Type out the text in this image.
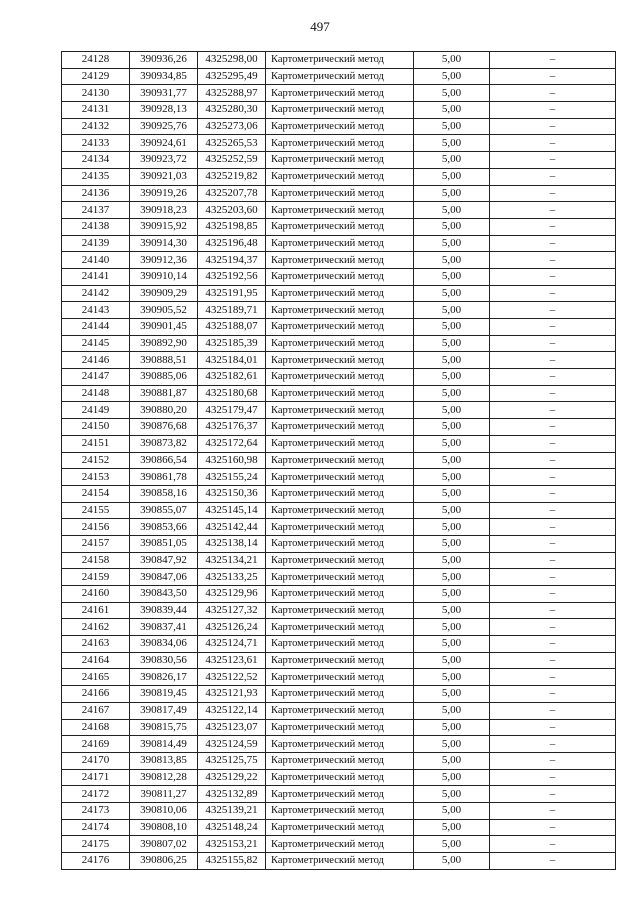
497
24128	390936,26	4325298,00	Картометрический метод	5,00	–
24129	390934,85	4325295,49	Картометрический метод	5,00	–
24130	390931,77	4325288,97	Картометрический метод	5,00	–
24131	390928,13	4325280,30	Картометрический метод	5,00	–
24132	390925,76	4325273,06	Картометрический метод	5,00	–
24133	390924,61	4325265,53	Картометрический метод	5,00	–
24134	390923,72	4325252,59	Картометрический метод	5,00	–
24135	390921,03	4325219,82	Картометрический метод	5,00	–
24136	390919,26	4325207,78	Картометрический метод	5,00	–
24137	390918,23	4325203,60	Картометрический метод	5,00	–
24138	390915,92	4325198,85	Картометрический метод	5,00	–
24139	390914,30	4325196,48	Картометрический метод	5,00	–
24140	390912,36	4325194,37	Картометрический метод	5,00	–
24141	390910,14	4325192,56	Картометрический метод	5,00	–
24142	390909,29	4325191,95	Картометрический метод	5,00	–
24143	390905,52	4325189,71	Картометрический метод	5,00	–
24144	390901,45	4325188,07	Картометрический метод	5,00	–
24145	390892,90	4325185,39	Картометрический метод	5,00	–
24146	390888,51	4325184,01	Картометрический метод	5,00	–
24147	390885,06	4325182,61	Картометрический метод	5,00	–
24148	390881,87	4325180,68	Картометрический метод	5,00	–
24149	390880,20	4325179,47	Картометрический метод	5,00	–
24150	390876,68	4325176,37	Картометрический метод	5,00	–
24151	390873,82	4325172,64	Картометрический метод	5,00	–
24152	390866,54	4325160,98	Картометрический метод	5,00	–
24153	390861,78	4325155,24	Картометрический метод	5,00	–
24154	390858,16	4325150,36	Картометрический метод	5,00	–
24155	390855,07	4325145,14	Картометрический метод	5,00	–
24156	390853,66	4325142,44	Картометрический метод	5,00	–
24157	390851,05	4325138,14	Картометрический метод	5,00	–
24158	390847,92	4325134,21	Картометрический метод	5,00	–
24159	390847,06	4325133,25	Картометрический метод	5,00	–
24160	390843,50	4325129,96	Картометрический метод	5,00	–
24161	390839,44	4325127,32	Картометрический метод	5,00	–
24162	390837,41	4325126,24	Картометрический метод	5,00	–
24163	390834,06	4325124,71	Картометрический метод	5,00	–
24164	390830,56	4325123,61	Картометрический метод	5,00	–
24165	390826,17	4325122,52	Картометрический метод	5,00	–
24166	390819,45	4325121,93	Картометрический метод	5,00	–
24167	390817,49	4325122,14	Картометрический метод	5,00	–
24168	390815,75	4325123,07	Картометрический метод	5,00	–
24169	390814,49	4325124,59	Картометрический метод	5,00	–
24170	390813,85	4325125,75	Картометрический метод	5,00	–
24171	390812,28	4325129,22	Картометрический метод	5,00	–
24172	390811,27	4325132,89	Картометрический метод	5,00	–
24173	390810,06	4325139,21	Картометрический метод	5,00	–
24174	390808,10	4325148,24	Картометрический метод	5,00	–
24175	390807,02	4325153,21	Картометрический метод	5,00	–
24176	390806,25	4325155,82	Картометрический метод	5,00	–
